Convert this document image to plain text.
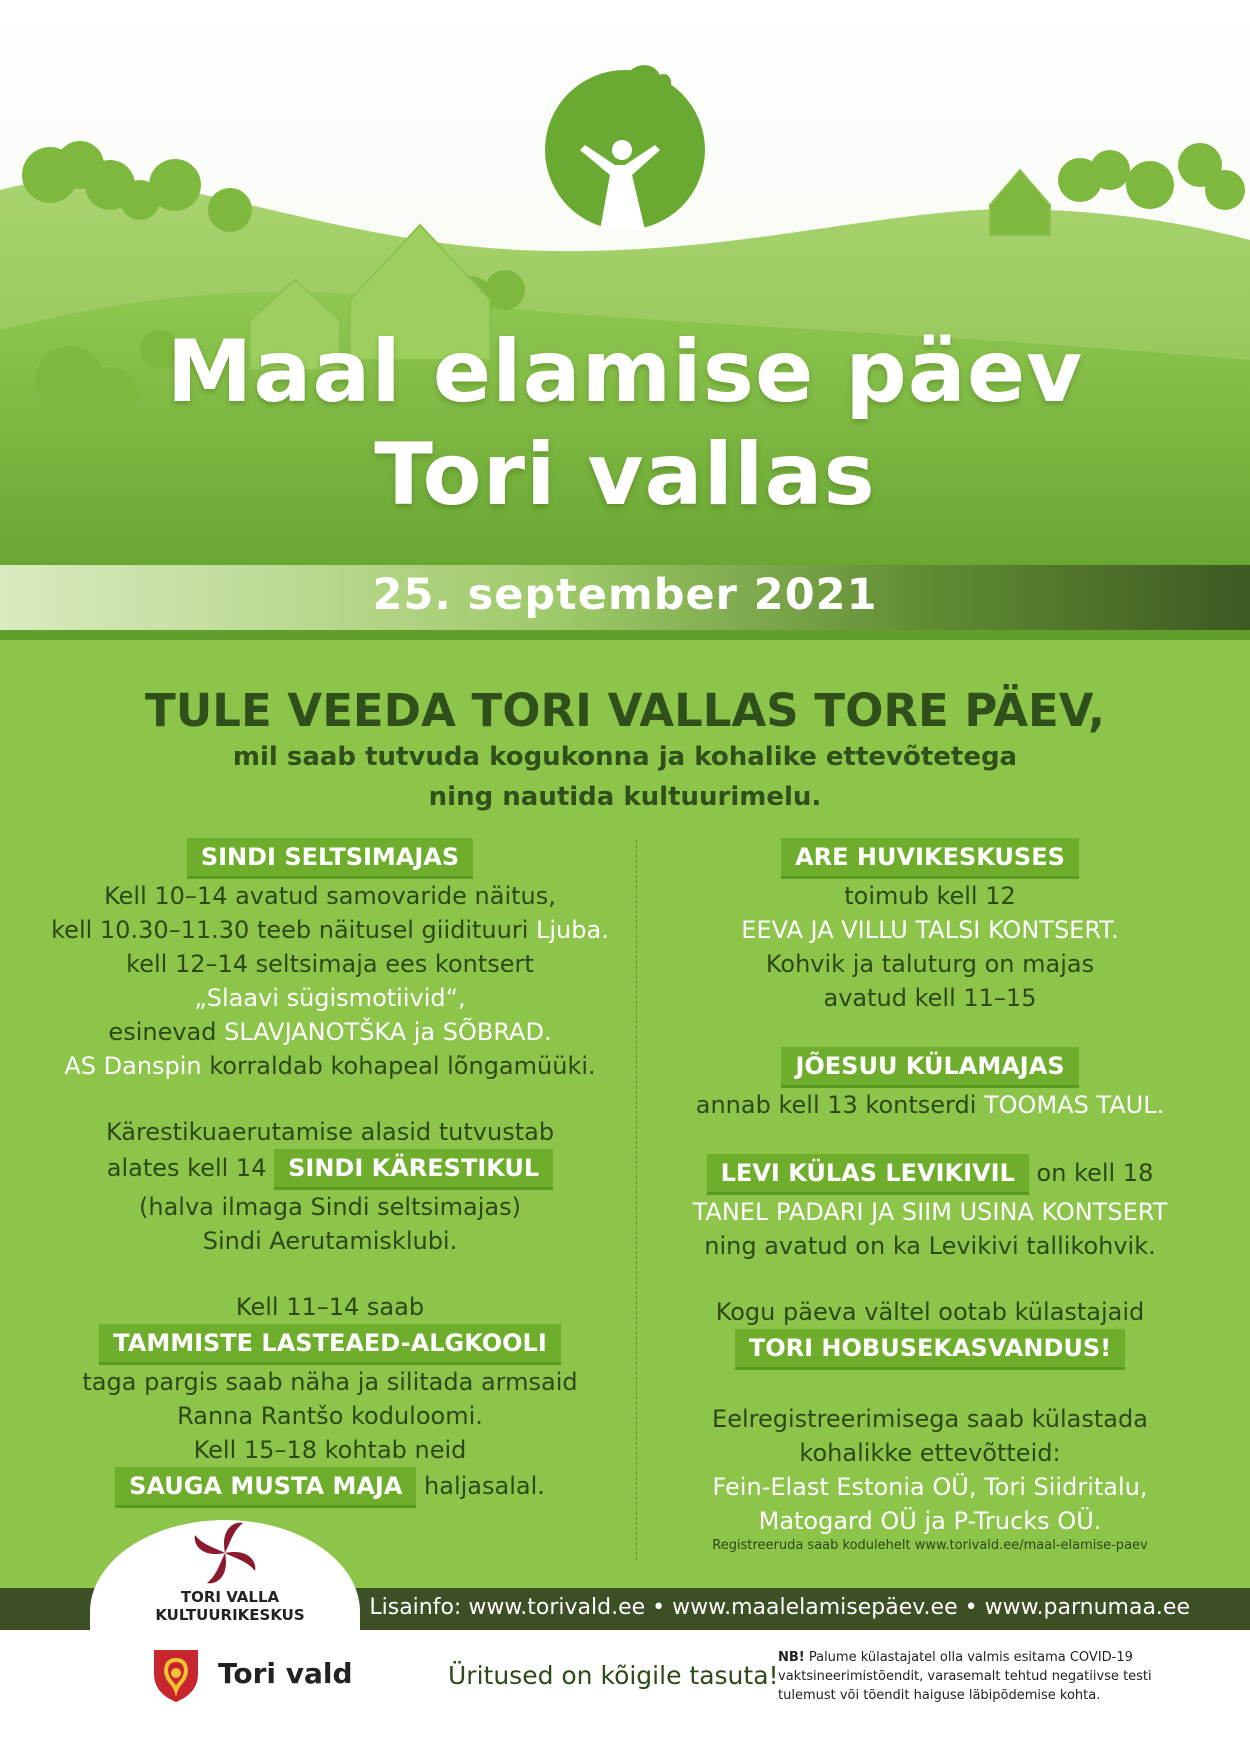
Maal elamise päev
Tori vallas
25. september 2021
TULE VEEDA TORI VALLAS TORE PÄEV,
mil saab tutvuda kogukonna ja kohalike ettevõtetega
ning nautida kultuurimelu.
SINDI SELTSIMAJAS
Kell 10–14 avatud samovaride näitus,
kell 10.30–11.30 teeb näitusel giidituuri Ljuba.
kell 12–14 seltsimaja ees kontsert
„Slaavi sügismotiivid“,
esinevad SLAVJANOTŠKA ja SÕBRAD.
AS Danspin korraldab kohapeal lõngamüüki.
Kärestikuaerutamise alasid tutvustab
alates kell 14 SINDI KÄRESTIKUL
(halva ilmaga Sindi seltsimajas)
Sindi Aerutamisklubi.
Kell 11–14 saab
TAMMISTE LASTEAED-ALGKOOLI
taga pargis saab näha ja silitada armsaid
Ranna Rantšo koduloomi.
Kell 15–18 kohtab neid
SAUGA MUSTA MAJA haljasalal.
ARE HUVIKESKUSES
toimub kell 12
EEVA JA VILLU TALSI KONTSERT.
Kohvik ja taluturg on majas
avatud kell 11–15
JÕESUU KÜLAMAJAS
annab kell 13 kontserdi TOOMAS TAUL.
LEVI KÜLAS LEVIKIVIL on kell 18
TANEL PADARI JA SIIM USINA KONTSERT
ning avatud on ka Levikivi tallikohvik.
Kogu päeva vältel ootab külastajaid
TORI HOBUSEKASVANDUS!
Eelregistreerimisega saab külastada
kohalikke ettevõtteid:
Fein-Elast Estonia OÜ, Tori Siidritalu,
Matogard OÜ ja P-Trucks OÜ.
Registreeruda saab kodulehelt www.torivald.ee/maal-elamise-paev
Lisainfo: www.torivald.ee • www.maalelamisepäev.ee • www.parnumaa.ee
TORI VALLA
KULTUURIKESKUS
Tori vald	Üritused on kõigile tasuta!
NB! Palume külastajatel olla valmis esitama COVID-19 vaktsineerimistõendit, varasemalt tehtud negatiivse testi tulemust või tõendit haiguse läbipõdemise kohta.
